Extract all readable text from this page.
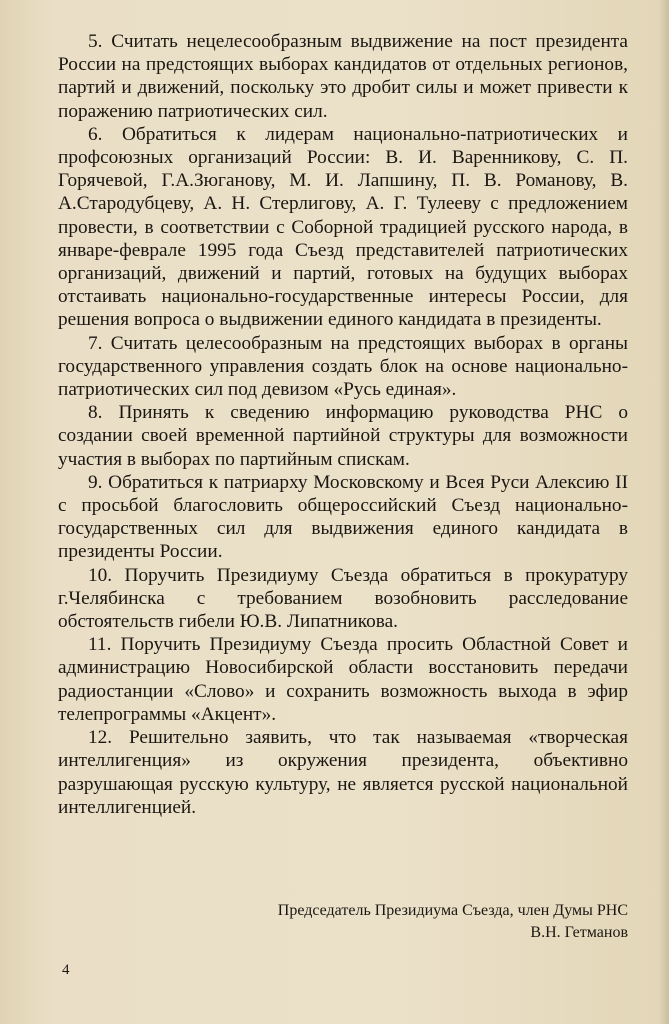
5. Считать нецелесообразным выдвижение на пост президента России на предстоящих выборах кандидатов от отдельных регионов, партий и движений, поскольку это дробит силы и может привести к поражению патриотических сил.

6. Обратиться к лидерам национально-патриотических и профсоюзных организаций России: В. И. Варенникову, С. П. Горячевой, Г.А.Зюганову, М. И. Лапшину, П. В. Романову, В. А.Стародубцеву, А. Н. Стерлигову, А. Г. Тулееву с предложением провести, в соответствии с Соборной традицией русского народа, в январе-феврале 1995 года Съезд представителей патриотических организаций, движений и партий, готовых на будущих выборах отстаивать национально-государственные интересы России, для решения вопроса о выдвижении единого кандидата в президенты.

7. Считать целесообразным на предстоящих выборах в органы государственного управления создать блок на основе национально-патриотических сил под девизом «Русь единая».

8. Принять к сведению информацию руководства РНС о создании своей временной партийной структуры для возможности участия в выборах по партийным спискам.

9. Обратиться к патриарху Московскому и Всея Руси Алексию II с просьбой благословить общероссийский Съезд национально-государственных сил для выдвижения единого кандидата в президенты России.

10. Поручить Президиуму Съезда обратиться в прокуратуру г.Челябинска с требованием возобновить расследование обстоятельств гибели Ю.В. Липатникова.

11. Поручить Президиуму Съезда просить Областной Совет и администрацию Новосибирской области восстановить передачи радиостанции «Слово» и сохранить возможность выхода в эфир телепрограммы «Акцент».

12. Решительно заявить, что так называемая «творческая интеллигенция» из окружения президента, объективно разрушающая русскую культуру, не является русской национальной интеллигенцией.

Председатель Президиума Съезда, член Думы РНС
В.Н. Гетманов
4
